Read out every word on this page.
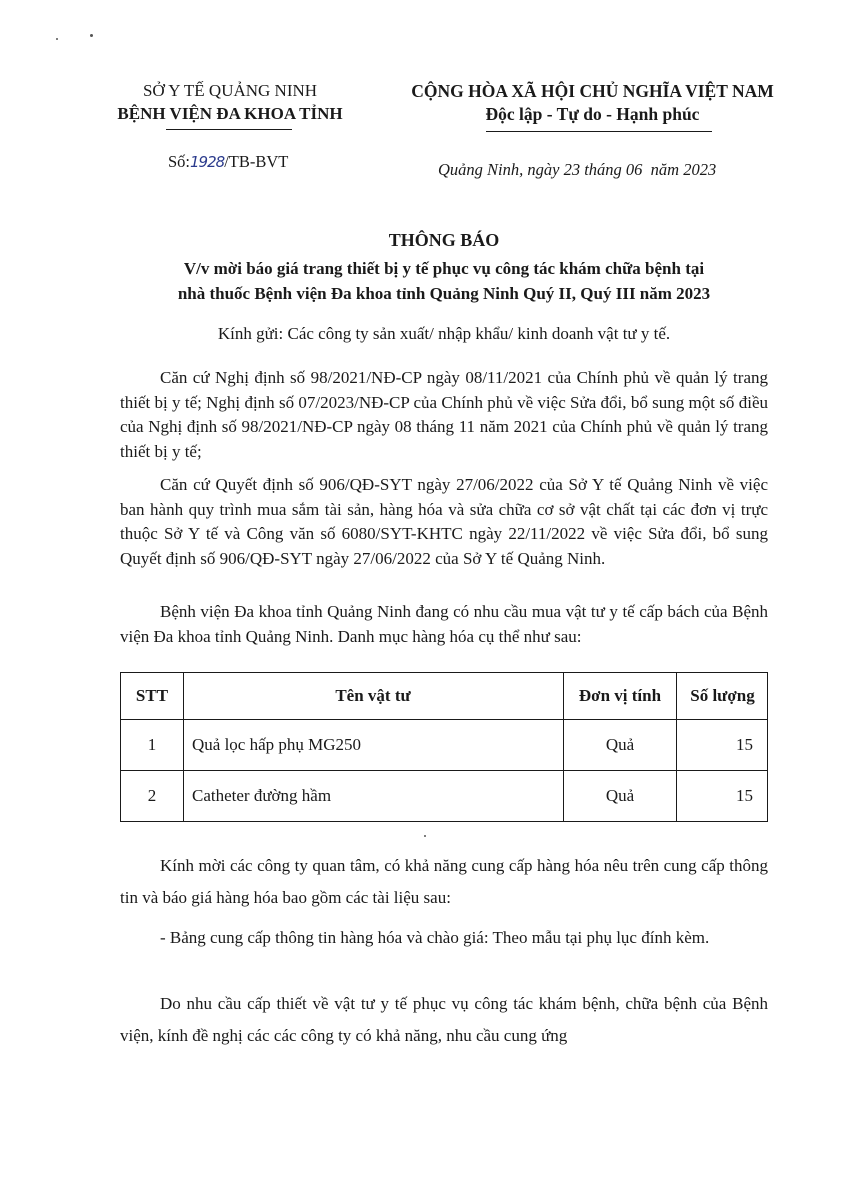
SỞ Y TẾ QUẢNG NINH
BỆNH VIỆN ĐA KHOA TỈNH
CỘNG HÒA XÃ HỘI CHỦ NGHĨA VIỆT NAM
Độc lập - Tự do - Hạnh phúc
Số:1928/TB-BVT	Quảng Ninh, ngày 23 tháng 06  năm 2023
THÔNG BÁO
V/v mời báo giá trang thiết bị y tế phục vụ công tác khám chữa bệnh tại
nhà thuốc Bệnh viện Đa khoa tỉnh Quảng Ninh Quý II, Quý III năm 2023
Kính gửi: Các công ty sản xuất/ nhập khẩu/ kinh doanh vật tư y tế.
Căn cứ Nghị định số 98/2021/NĐ-CP ngày 08/11/2021 của Chính phủ về quản lý trang thiết bị y tế; Nghị định số 07/2023/NĐ-CP của Chính phủ về việc Sửa đổi, bổ sung một số điều của Nghị định số 98/2021/NĐ-CP ngày 08 tháng 11 năm 2021 của Chính phủ về quản lý trang thiết bị y tế;
Căn cứ Quyết định số 906/QĐ-SYT ngày 27/06/2022 của Sở Y tế Quảng Ninh về việc ban hành quy trình mua sắm tài sản, hàng hóa và sửa chữa cơ sở vật chất tại các đơn vị trực thuộc Sở Y tế và Công văn số 6080/SYT-KHTC ngày 22/11/2022 về việc Sửa đổi, bổ sung Quyết định số 906/QĐ-SYT ngày 27/06/2022 của Sở Y tế Quảng Ninh.
Bệnh viện Đa khoa tỉnh Quảng Ninh đang có nhu cầu mua vật tư y tế cấp bách của Bệnh viện Đa khoa tỉnh Quảng Ninh. Danh mục hàng hóa cụ thể như sau:
STT	Tên vật tư	Đơn vị tính	Số lượng
1	Quả lọc hấp phụ MG250	Quả	15
2	Catheter đường hầm	Quả	15
Kính mời các công ty quan tâm, có khả năng cung cấp hàng hóa nêu trên cung cấp thông tin và báo giá hàng hóa bao gồm các tài liệu sau:
- Bảng cung cấp thông tin hàng hóa và chào giá: Theo mẫu tại phụ lục đính kèm.
Do nhu cầu cấp thiết về vật tư y tế phục vụ công tác khám bệnh, chữa bệnh của Bệnh viện, kính đề nghị các các công ty có khả năng, nhu cầu cung ứng
